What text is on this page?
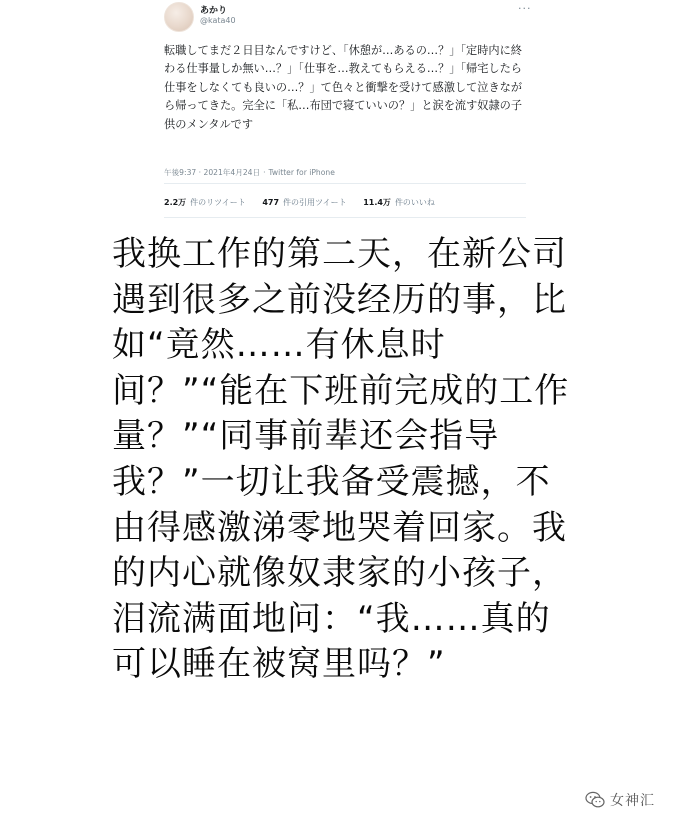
あかり
@kata40
···

転職してまだ２日目なんですけど、「休憩が…あるの…？」「定時内に終わる仕事量しか無い…？」「仕事を…教えてもらえる…？」「帰宅したら仕事をしなくても良いの…？」て色々と衝撃を受けて感激して泣きながら帰ってきた。完全に「私…布団で寝ていいの？」と涙を流す奴隷の子供のメンタルです

午後9:37 · 2021年4月24日 · Twitter for iPhone
2.2万 件のリツイート 477 件の引用ツイート 11.4万 件のいいね

我换工作的第二天，在新公司遇到很多之前没经历的事，比如“竟然……有休息时间？”“能在下班前完成的工作量？”“同事前辈还会指导我？”一切让我备受震撼，不由得感激涕零地哭着回家。我的内心就像奴隶家的小孩子，泪流满面地问：“我……真的可以睡在被窝里吗？”

女神汇
